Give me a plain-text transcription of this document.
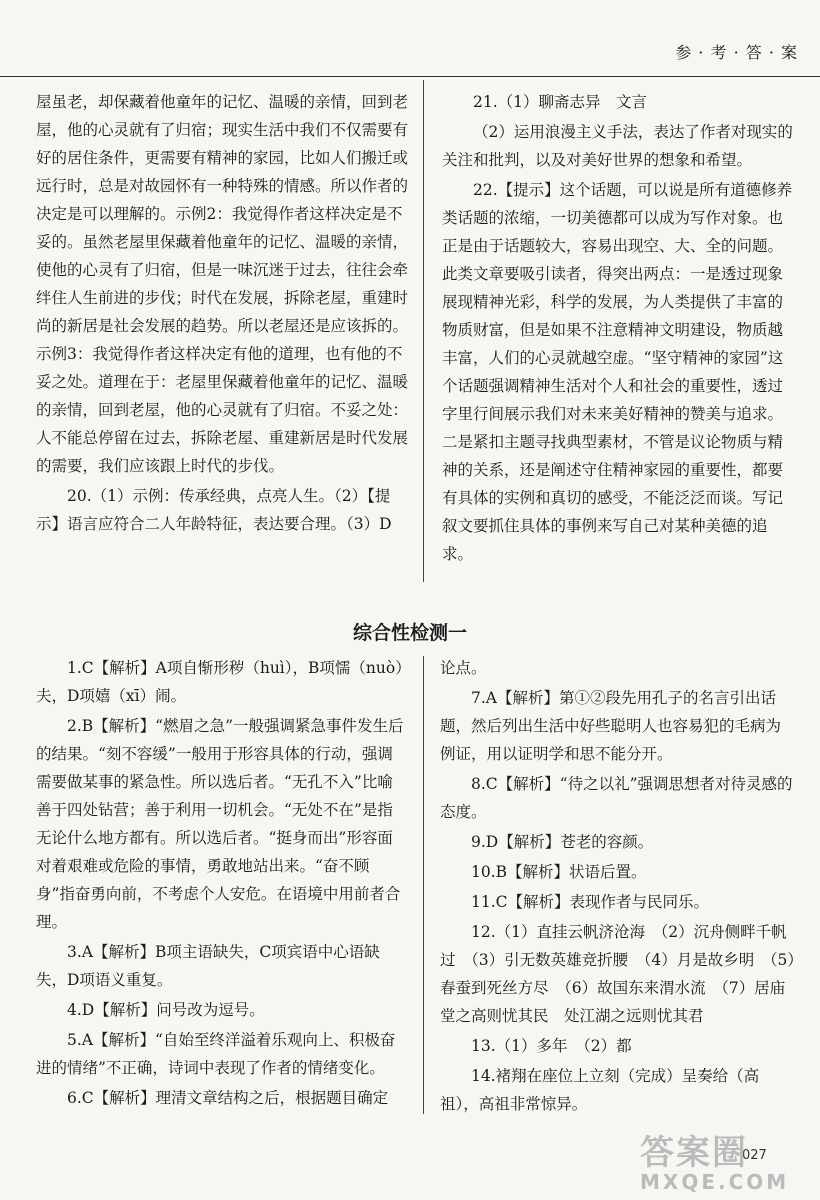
参 · 考 · 答 · 案

屋虽老，却保藏着他童年的记忆、温暖的亲情，回到老屋，他的心灵就有了归宿；现实生活中我们不仅需要有好的居住条件，更需要有精神的家园，比如人们搬迁或远行时，总是对故园怀有一种特殊的情感。所以作者的决定是可以理解的。示例2：我觉得作者这样决定是不妥的。虽然老屋里保藏着他童年的记忆、温暖的亲情，使他的心灵有了归宿，但是一味沉迷于过去，往往会牵绊住人生前进的步伐；时代在发展，拆除老屋，重建时尚的新居是社会发展的趋势。所以老屋还是应该拆的。示例3：我觉得作者这样决定有他的道理，也有他的不妥之处。道理在于：老屋里保藏着他童年的记忆、温暖的亲情，回到老屋，他的心灵就有了归宿。不妥之处：人不能总停留在过去，拆除老屋、重建新居是时代发展的需要，我们应该跟上时代的步伐。

20.（1）示例：传承经典，点亮人生。（2）【提示】语言应符合二人年龄特征，表达要合理。（3）D

21.（1）聊斋志异　文言

（2）运用浪漫主义手法，表达了作者对现实的关注和批判，以及对美好世界的想象和希望。

22.【提示】这个话题，可以说是所有道德修养类话题的浓缩，一切美德都可以成为写作对象。也正是由于话题较大，容易出现空、大、全的问题。此类文章要吸引读者，得突出两点：一是透过现象展现精神光彩，科学的发展，为人类提供了丰富的物质财富，但是如果不注意精神文明建设，物质越丰富，人们的心灵就越空虚。“坚守精神的家园”这个话题强调精神生活对个人和社会的重要性，透过字里行间展示我们对未来美好精神的赞美与追求。二是紧扣主题寻找典型素材，不管是议论物质与精神的关系，还是阐述守住精神家园的重要性，都要有具体的实例和真切的感受，不能泛泛而谈。写记叙文要抓住具体的事例来写自己对某种美德的追求。

综合性检测一

1.C【解析】A项自惭形秽（huì），B项懦（nuò）夫，D项嬉（xī）闹。

2.B【解析】“燃眉之急”一般强调紧急事件发生后的结果。“刻不容缓”一般用于形容具体的行动，强调需要做某事的紧急性。所以选后者。“无孔不入”比喻善于四处钻营；善于利用一切机会。“无处不在”是指无论什么地方都有。所以选后者。“挺身而出”形容面对着艰难或危险的事情，勇敢地站出来。“奋不顾身”指奋勇向前，不考虑个人安危。在语境中用前者合理。

3.A【解析】B项主语缺失，C项宾语中心语缺失，D项语义重复。

4.D【解析】问号改为逗号。

5.A【解析】“自始至终洋溢着乐观向上、积极奋进的情绪”不正确，诗词中表现了作者的情绪变化。

6.C【解析】理清文章结构之后，根据题目确定

论点。

7.A【解析】第①②段先用孔子的名言引出话题，然后列出生活中好些聪明人也容易犯的毛病为例证，用以证明学和思不能分开。

8.C【解析】“待之以礼”强调思想者对待灵感的态度。

9.D【解析】苍老的容颜。

10.B【解析】状语后置。

11.C【解析】表现作者与民同乐。

12.（1）直挂云帆济沧海　（2）沉舟侧畔千帆过　（3）引无数英雄竞折腰　（4）月是故乡明　（5）春蚕到死丝方尽　（6）故国东来渭水流　（7）居庙堂之高则忧其民　处江湖之远则忧其君

13.（1）多年　（2）都

14.褚翔在座位上立刻（完成）呈奏给（高祖），高祖非常惊异。

027
答案圈
MXQE.COM
